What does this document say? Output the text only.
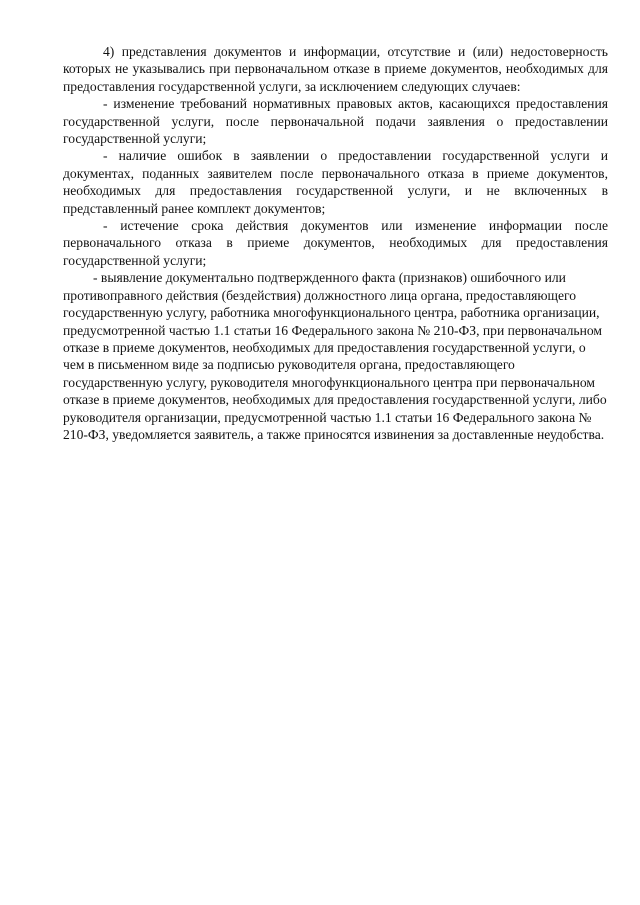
4) представления документов и информации, отсутствие и (или) недостоверность которых не указывались при первоначальном отказе в приеме документов, необходимых для предоставления государственной услуги, за исключением следующих случаев:

- изменение требований нормативных правовых актов, касающихся предоставления государственной услуги, после первоначальной подачи заявления о предоставлении государственной услуги;

- наличие ошибок в заявлении о предоставлении государственной услуги и документах, поданных заявителем после первоначального отказа в приеме документов, необходимых для предоставления государственной услуги, и не включенных в представленный ранее комплект документов;

- истечение срока действия документов или изменение информации после первоначального отказа в приеме документов, необходимых для предоставления государственной услуги;

- выявление документально подтвержденного факта (признаков) ошибочного или противоправного действия (бездействия) должностного лица органа, предоставляющего государственную услугу, работника многофункционального центра, работника организации, предусмотренной частью 1.1 статьи 16 Федерального закона № 210-ФЗ, при первоначальном отказе в приеме документов, необходимых для предоставления государственной услуги, о чем в письменном виде за подписью руководителя органа, предоставляющего государственную услугу, руководителя многофункционального центра при первоначальном отказе в приеме документов, необходимых для предоставления государственной услуги, либо руководителя организации, предусмотренной частью 1.1 статьи 16 Федерального закона № 210-ФЗ, уведомляется заявитель, а также приносятся извинения за доставленные неудобства.
